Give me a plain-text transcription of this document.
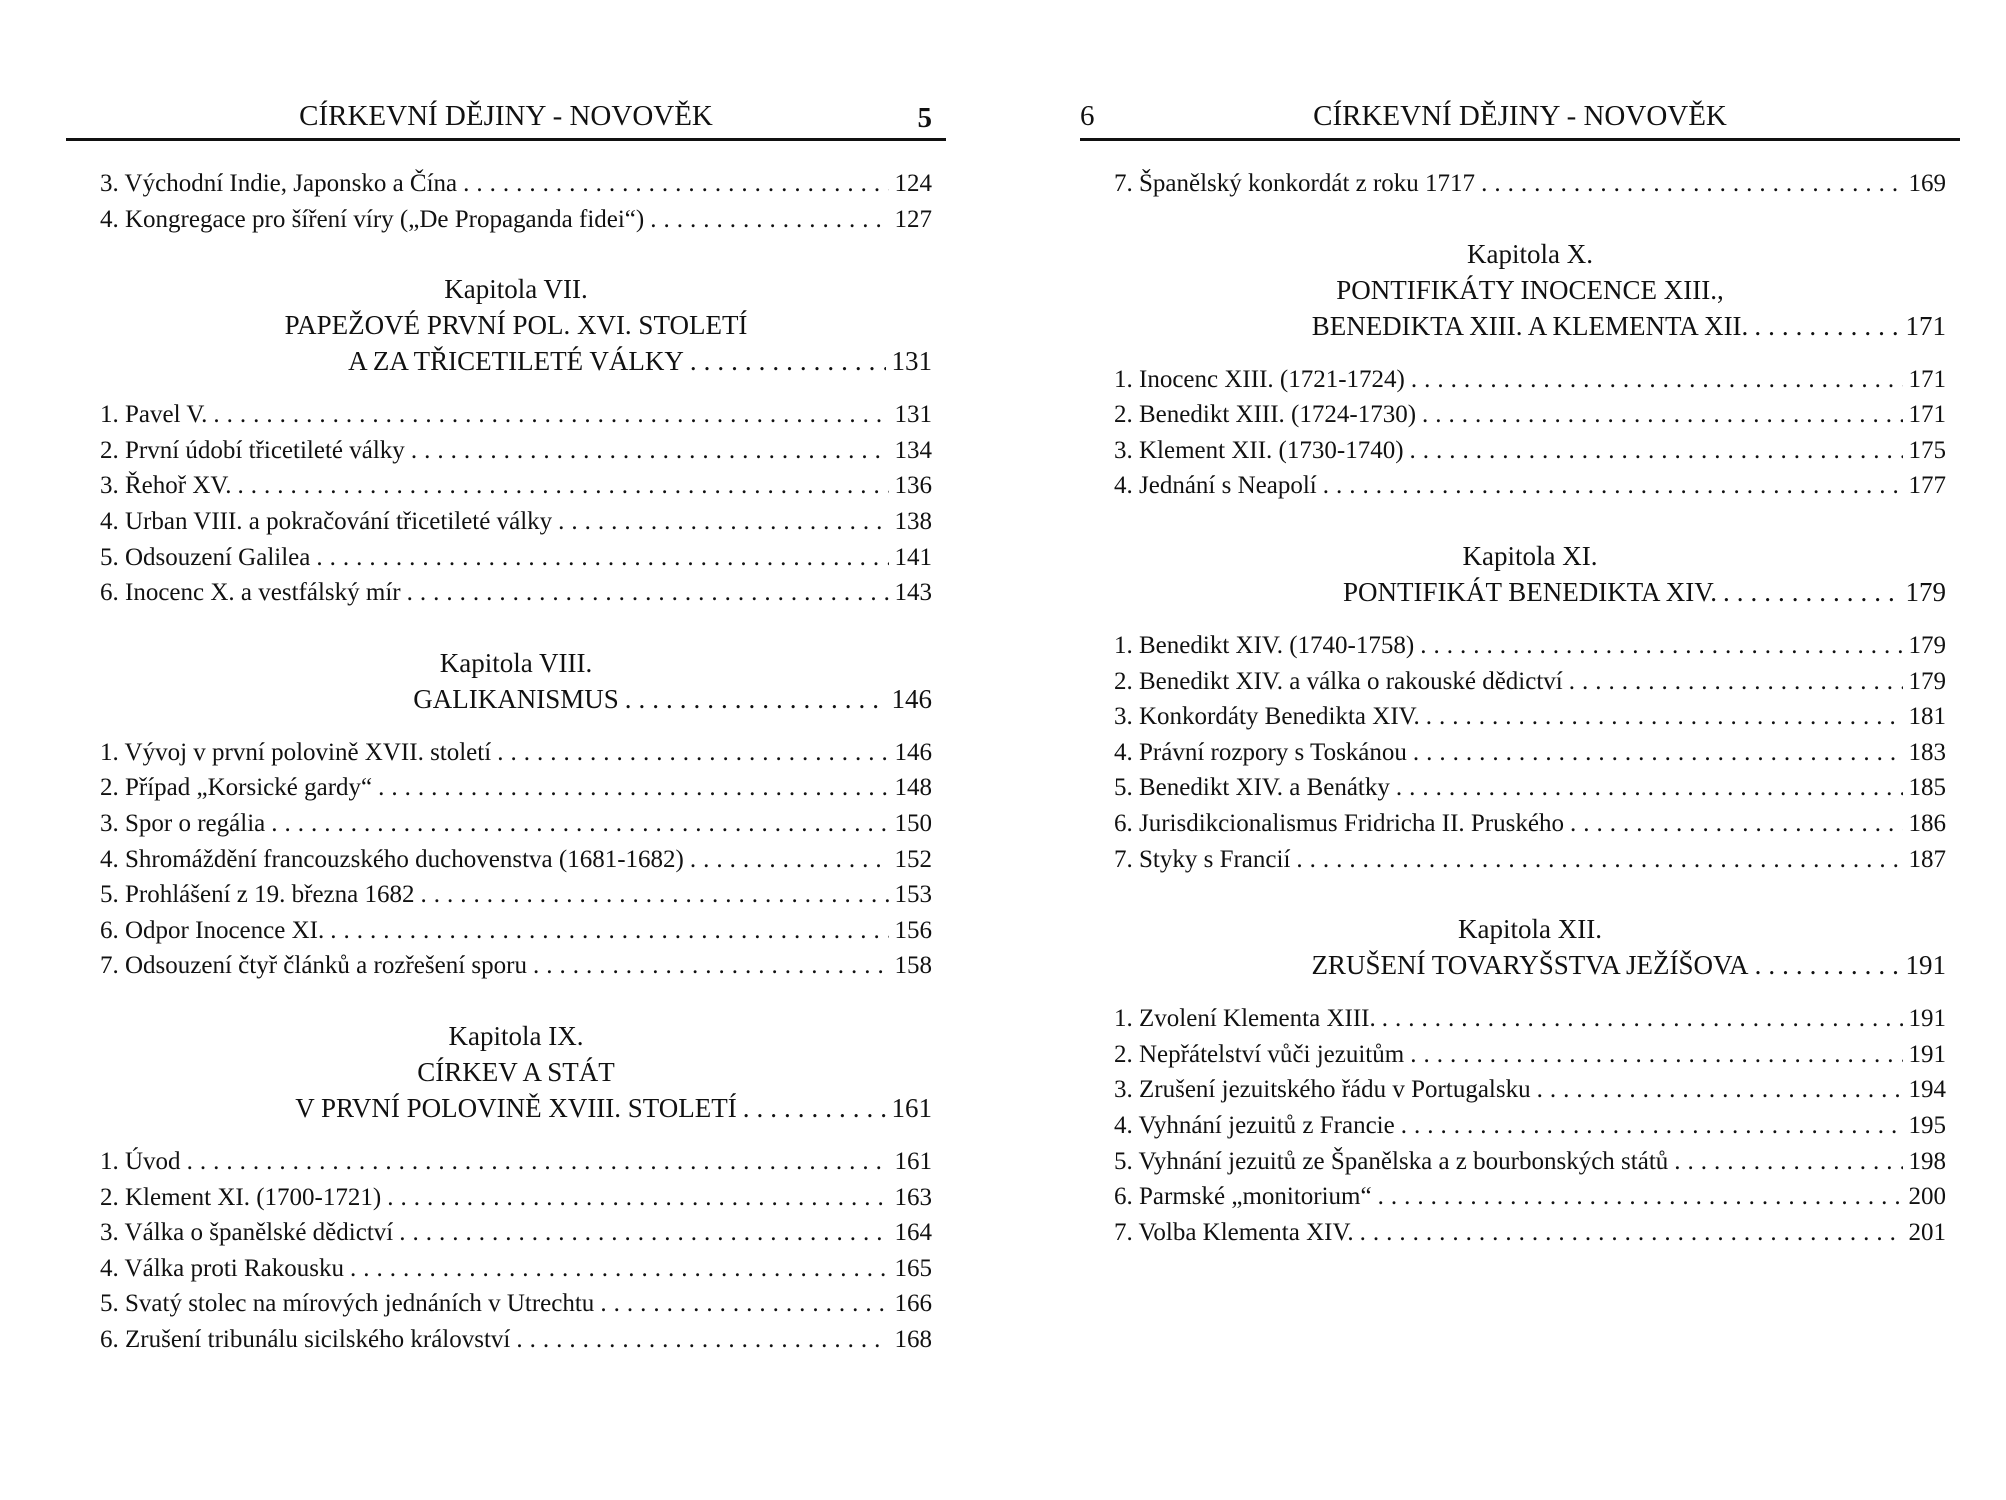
CÍRKEVNÍ DĚJINY - NOVOVĚK	5
3. Východní Indie, Japonsko a Čína .....	124
4. Kongregace pro šíření víry („De Propaganda fidei“) .....	127
Kapitola VII.
PAPEŽOVÉ PRVNÍ POL. XVI. STOLETÍ
A ZA TŘICETILETÉ VÁLKY .....	131
1. Pavel V. .....	131
2. První údobí třicetileté války .....	134
3. Řehoř XV. .....	136
4. Urban VIII. a pokračování třicetileté války .....	138
5. Odsouzení Galilea .....	141
6. Inocenc X. a vestfálský mír .....	143
Kapitola VIII.
GALIKANISMUS .....	146
1. Vývoj v první polovině XVII. století .....	146
2. Případ „Korsické gardy“ .....	148
3. Spor o regália .....	150
4. Shromáždění francouzského duchovenstva (1681-1682) .....	152
5. Prohlášení z 19. března 1682 .....	153
6. Odpor Inocence XI. .....	156
7. Odsouzení čtyř článků a rozřešení sporu .....	158
Kapitola IX.
CÍRKEV A STÁT
V PRVNÍ POLOVINĚ XVIII. STOLETÍ .....	161
1. Úvod .....	161
2. Klement XI. (1700-1721) .....	163
3. Válka o španělské dědictví .....	164
4. Válka proti Rakousku .....	165
5. Svatý stolec na mírových jednáních v Utrechtu .....	166
6. Zrušení tribunálu sicilského království .....	168
6	CÍRKEVNÍ DĚJINY - NOVOVĚK
7. Španělský konkordát z roku 1717 .....	169
Kapitola X.
PONTIFIKÁTY INOCENCE XIII.,
BENEDIKTA XIII. A KLEMENTA XII. .....	171
1. Inocenc XIII. (1721-1724) .....	171
2. Benedikt XIII. (1724-1730) .....	171
3. Klement XII. (1730-1740) .....	175
4. Jednání s Neapolí .....	177
Kapitola XI.
PONTIFIKÁT BENEDIKTA XIV. .....	179
1. Benedikt XIV. (1740-1758) .....	179
2. Benedikt XIV. a válka o rakouské dědictví .....	179
3. Konkordáty Benedikta XIV. .....	181
4. Právní rozpory s Toskánou .....	183
5. Benedikt XIV. a Benátky .....	185
6. Jurisdikcionalismus Fridricha II. Pruského .....	186
7. Styky s Francií .....	187
Kapitola XII.
ZRUŠENÍ TOVARYŠSTVA JEŽÍŠOVA .....	191
1. Zvolení Klementa XIII. .....	191
2. Nepřátelství vůči jezuitům .....	191
3. Zrušení jezuitského řádu v Portugalsku .....	194
4. Vyhnání jezuitů z Francie .....	195
5. Vyhnání jezuitů ze Španělska a z bourbonských států .....	198
6. Parmské „monitorium“ .....	200
7. Volba Klementa XIV. .....	201
